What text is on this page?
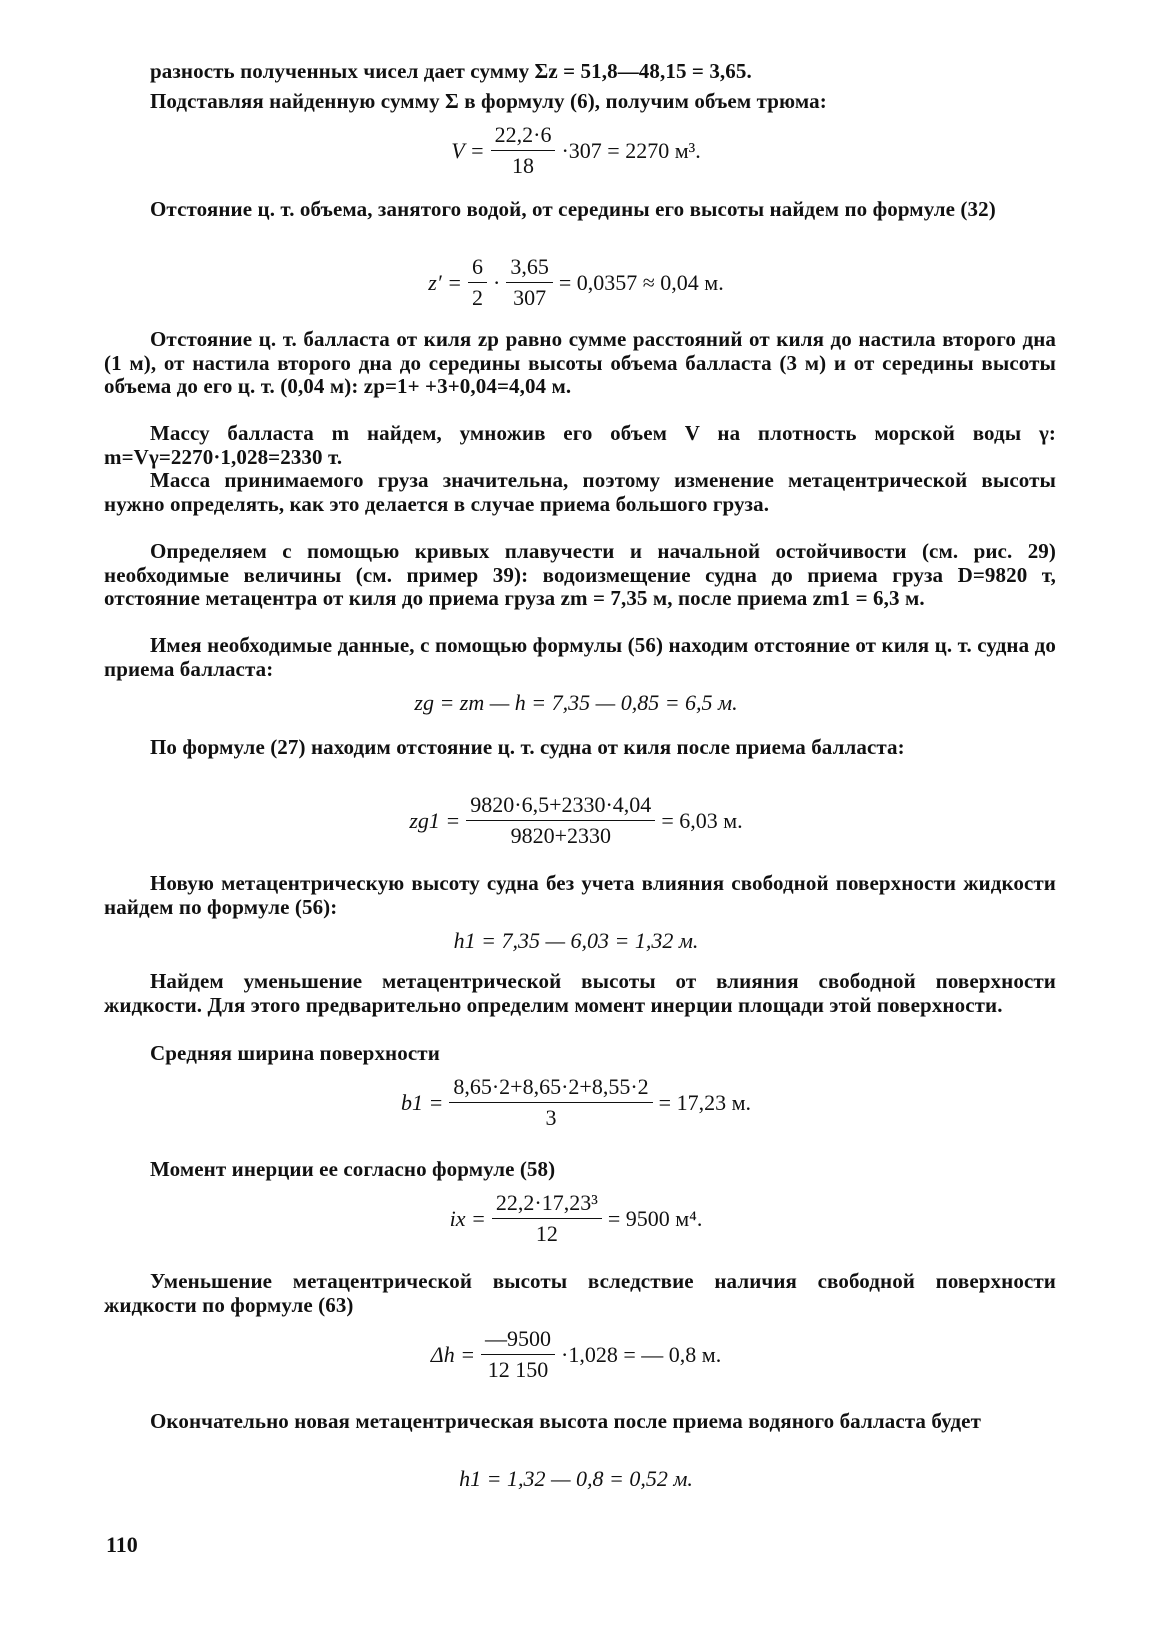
разность полученных чисел дает сумму Σz = 51,8—48,15 = 3,65.
Подставляя найденную сумму Σ в формулу (6), получим объем трюма:
$V = \frac{22,2\cdot 6}{18} \cdot 307 = 2270$ м³.
Отстояние ц. т. объема, занятого водой, от середины его высоты найдем по формуле (32)
$z' = \frac{6}{2} \cdot \frac{3,65}{307} = 0,0357 \approx 0,04$ м.
Отстояние ц. т. балласта от киля zp равно сумме расстояний от киля до настила второго дна (1 м), от настила второго дна до середины высоты объема балласта (3 м) и от середины высоты объема до его ц. т. (0,04 м): zp=1+ +3+0,04=4,04 м.
Массу балласта m найдем, умножив его объем V на плотность морской воды γ: m=Vγ=2270·1,028=2330 т.
Масса принимаемого груза значительна, поэтому изменение метацентрической высоты нужно определять, как это делается в случае приема большого груза.
Определяем с помощью кривых плавучести и начальной остойчивости (см. рис. 29) необходимые величины (см. пример 39): водоизмещение судна до приема груза D=9820 т, отстояние метацентра от киля до приема груза zm = 7,35 м, после приема zm1 = 6,3 м.
Имея необходимые данные, с помощью формулы (56) находим отстояние от киля ц. т. судна до приема балласта:
zg = zm — h = 7,35 — 0,85 = 6,5 м.
По формуле (27) находим отстояние ц. т. судна от киля после приема балласта:
$zg1 = \frac{9820\cdot 6,5+2330\cdot 4,04}{9820+2330} = 6,03$ м.
Новую метацентрическую высоту судна без учета влияния свободной поверхности жидкости найдем по формуле (56):
h1 = 7,35 — 6,03 = 1,32 м.
Найдем уменьшение метацентрической высоты от влияния свободной поверхности жидкости. Для этого предварительно определим момент инерции площади этой поверхности.
Средняя ширина поверхности
$b1 = \frac{8,65\cdot 2+8,65\cdot 2+8,55\cdot 2}{3} = 17,23$ м.
Момент инерции ее согласно формуле (58)
ix = $\frac{\text{22,2·17,23³}}{12} = 9500$ м⁴.
Уменьшение метацентрической высоты вследствие наличия свободной поверхности жидкости по формуле (63)
$\Delta h = \frac{—9500}{12 150} \cdot 1,028$ = — 0,8 м.
Окончательно новая метацентрическая высота после приема водяного балласта будет
h1 = 1,32 — 0,8 = 0,52 м.
110
